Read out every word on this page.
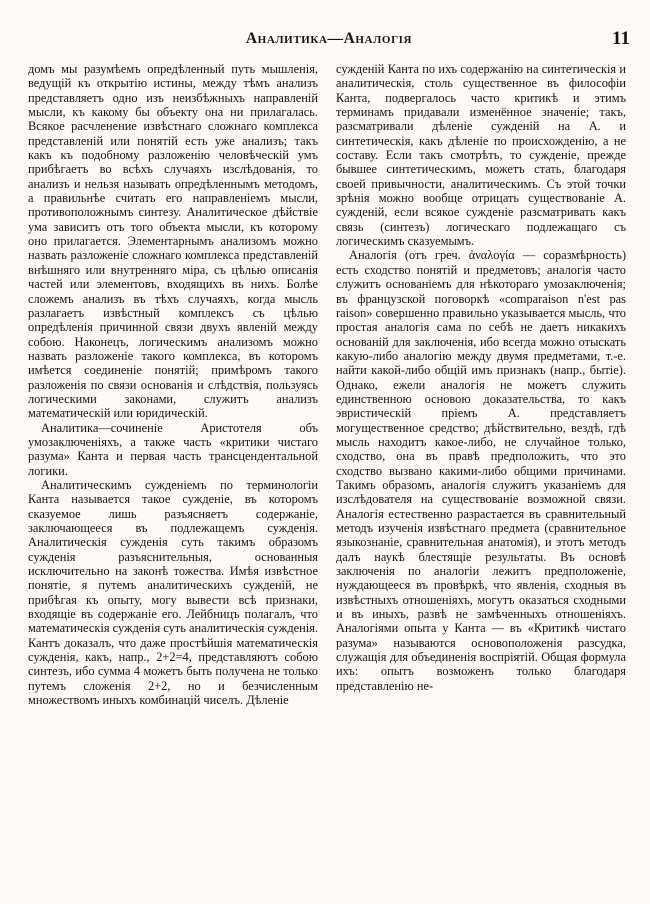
Аналитика—Аналогія	11

домъ мы разумѣемъ опредѣленный путь мышленія, ведущій къ открытію истины, между тѣмъ анализъ представляетъ одно изъ неизбѣжныхъ направленій мысли, къ какому бы объекту она ни прилагалась. Всякое расчленение извѣстнаго сложнаго комплекса представленій или понятій есть уже анализъ; такъ какъ къ подобному разложенію человѣческій умъ прибѣгаетъ во всѣхъ случаяхъ изслѣдованія, то анализъ и нельзя называть опредѣленнымъ методомъ, а правильнѣе считать его направленіемъ мысли, противоположнымъ синтезу. Аналитическое дѣйствіе ума зависитъ отъ того объекта мысли, къ которому оно прилагается. Элементарнымъ анализомъ можно назвать разложеніе сложнаго комплекса представленій внѣшняго или внутренняго міра, съ цѣлью описанія частей или элементовъ, входящихъ въ нихъ. Болѣе сложемъ анализъ въ тѣхъ случаяхъ, когда мысль разлагаетъ извѣстный комплексъ съ цѣлью опредѣленія причинной связи двухъ явленій между собою. Наконецъ, логическимъ анализомъ можно назвать разложеніе такого комплекса, въ которомъ имѣется соединеніе понятій; примѣромъ такого разложенія по связи основанія и слѣдствія, пользуясь логическими законами, служитъ анализъ математическій или юридическій.

Аналитика—сочиненіе Аристотеля объ умозаключеніяхъ, а также часть «критики чистаго разума» Канта и первая часть трансцендентальной логики.

Аналитическимъ сужденіемъ по терминологіи Канта называется такое сужденіе, въ которомъ сказуемое лишь разъясняетъ содержаніе, заключающееся въ подлежащемъ сужденія. Аналитическія сужденія суть такимъ образомъ сужденія разъяснительныя, основанныя исключительно на законѣ тожества. Имѣя извѣстное понятіе, я путемъ аналитическихъ сужденій, не прибѣгая къ опыту, могу вывести всѣ признаки, входящіе въ содержаніе его. Лейбницъ полагалъ, что математическія сужденія суть аналитическія сужденія. Кантъ доказалъ, что даже простѣйшія математическія сужденія, какъ, напр., 2+2=4, представляютъ собою синтезъ, ибо сумма 4 можетъ быть получена не только путемъ сложенія 2+2, но и безчисленным множествомъ иныхъ комбинацій чиселъ. Дѣленіе

сужденій Канта по ихъ содержанію на синтетическія и аналитическія, столь существенное въ философіи Канта, подвергалось часто критикѣ и этимъ терминамъ придавали изменённое значеніе; такъ, разсматривали дѣленіе сужденій на А. и синтетическія, какъ дѣленіе по происхожденію, а не составу. Если такъ смотрѣть, то сужденіе, прежде бывшее синтетическимъ, можетъ стать, благодаря своей привычности, аналитическимъ. Съ этой точки зрѣнія можно вообще отрицать существованіе А. сужденій, если всякое сужденіе разсматривать какъ связь (синтезъ) логическаго подлежащаго съ логическимъ сказуемымъ.

Аналогія (отъ греч. ἀναλογία — соразмѣрность) есть сходство понятій и предметовъ; аналогія часто служитъ основаніемъ для нѣкотораго умозаключенія; въ французской поговоркѣ «comparaison n'est pas raison» совершенно правильно указывается мысль, что простая аналогія сама по себѣ не даетъ никакихъ основаній для заключенія, ибо всегда можно отыскать какую-либо аналогію между двумя предметами, т.-е. найти какой-либо общій имъ признакъ (напр., бытіе). Однако, ежели аналогія не можетъ служить единственною основою доказательства, то какъ эвристическій пріемъ А. представляетъ могущественное средство; дѣйствительно, вездѣ, гдѣ мысль находитъ какое-либо, не случайное только, сходство, она въ правѣ предположить, что это сходство вызвано какими-либо общими причинами. Такимъ образомъ, аналогія служитъ указаніемъ для изслѣдователя на существованіе возможной связи. Аналогія естественно разрастается въ сравнительный методъ изученія извѣстнаго предмета (сравнительное языкознанiе, сравнительная анатомія), и этотъ методъ далъ наукѣ блестящіе результаты. Въ основѣ заключенія по аналогіи лежитъ предположеніе, нуждающееся въ провѣркѣ, что явленія, сходныя въ извѣстныхъ отношеніяхъ, могутъ оказаться сходными и въ иныхъ, развѣ не замѣченныхъ отношеніяхъ. Аналогіями опыта у Канта — въ «Критикѣ чистаго разума» называются основоположенія разсудка, служащія для объединенія воспріятій. Общая формула ихъ: опытъ возможенъ только благодаря представленію не-
